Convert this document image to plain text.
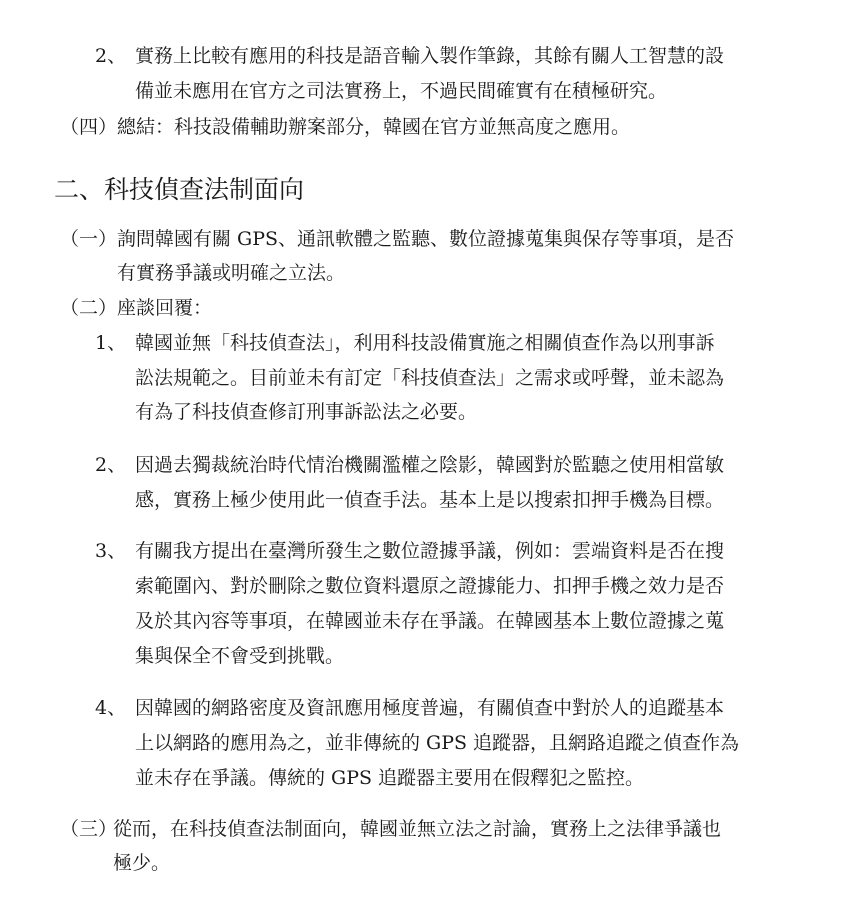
2、 實務上比較有應用的科技是語音輸入製作筆錄，其餘有關人工智慧的設
備並未應用在官方之司法實務上，不過民間確實有在積極研究。
（四） 總結：科技設備輔助辦案部分，韓國在官方並無高度之應用。
二、科技偵查法制面向
（一） 詢問韓國有關 GPS、通訊軟體之監聽、數位證據蒐集與保存等事項，是否
有實務爭議或明確之立法。
（二） 座談回覆：
1、 韓國並無「科技偵查法」，利用科技設備實施之相關偵查作為以刑事訴
訟法規範之。目前並未有訂定「科技偵查法」之需求或呼聲，並未認為
有為了科技偵查修訂刑事訴訟法之必要。
2、 因過去獨裁統治時代情治機關濫權之陰影，韓國對於監聽之使用相當敏
感，實務上極少使用此一偵查手法。基本上是以搜索扣押手機為目標。
3、 有關我方提出在臺灣所發生之數位證據爭議，例如：雲端資料是否在搜
索範圍內、對於刪除之數位資料還原之證據能力、扣押手機之效力是否
及於其內容等事項，在韓國並未存在爭議。在韓國基本上數位證據之蒐
集與保全不會受到挑戰。
4、 因韓國的網路密度及資訊應用極度普遍，有關偵查中對於人的追蹤基本
上以網路的應用為之，並非傳統的 GPS 追蹤器，且網路追蹤之偵查作為
並未存在爭議。傳統的 GPS 追蹤器主要用在假釋犯之監控。
（三）
從而，在科技偵查法制面向，韓國並無立法之討論，實務上之法律爭議也
極少。
